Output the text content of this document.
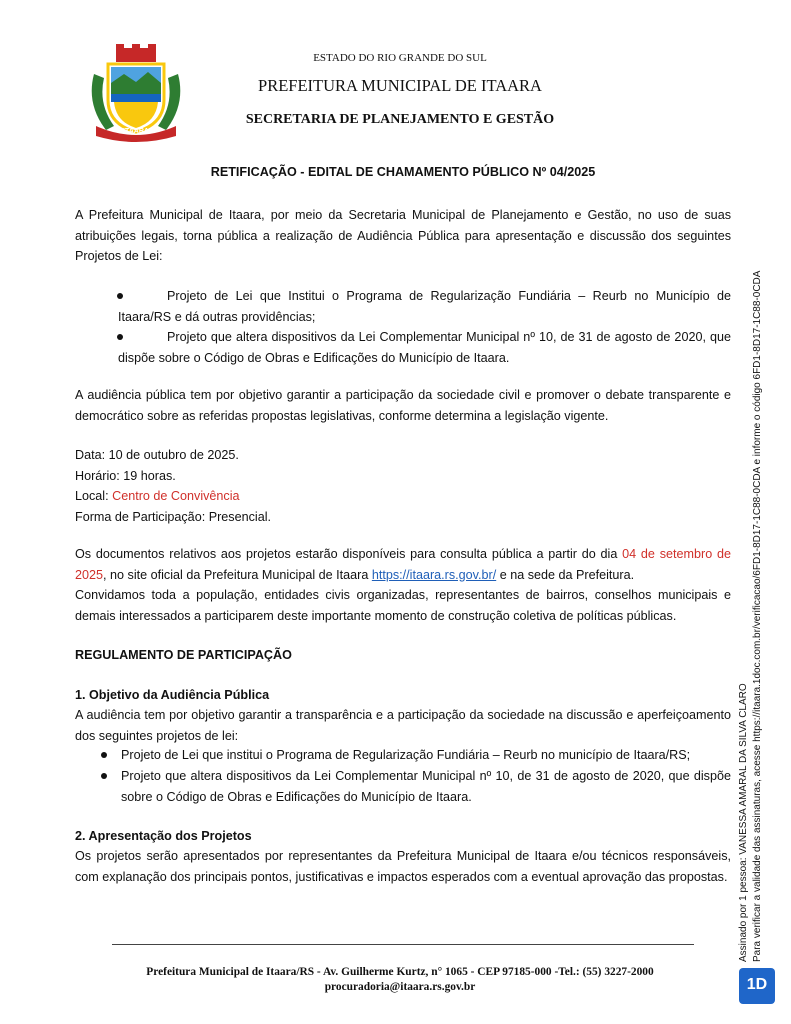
ITAARA
ESTADO DO RIO GRANDE DO SUL
PREFEITURA MUNICIPAL DE ITAARA
SECRETARIA DE PLANEJAMENTO E GESTÃO
RETIFICAÇÃO - EDITAL DE CHAMAMENTO PÚBLICO Nº 04/2025

A Prefeitura Municipal de Itaara, por meio da Secretaria Municipal de Planejamento e Gestão, no uso de suas atribuições legais, torna pública a realização de Audiência Pública para apresentação e discussão dos seguintes Projetos de Lei:

Projeto de Lei que Institui o Programa de Regularização Fundiária – Reurb no Município de Itaara/RS e dá outras providências;
Projeto que altera dispositivos da Lei Complementar Municipal nº 10, de 31 de agosto de 2020, que dispõe sobre o Código de Obras e Edificações do Município de Itaara.

A audiência pública tem por objetivo garantir a participação da sociedade civil e promover o debate transparente e democrático sobre as referidas propostas legislativas, conforme determina a legislação vigente.

Data: 10 de outubro de 2025.

Horário: 19 horas.

Local: Centro de Convivência

Forma de Participação: Presencial.

Os documentos relativos aos projetos estarão disponíveis para consulta pública a partir do dia 04 de setembro de 2025, no site oficial da Prefeitura Municipal de Itaara https://itaara.rs.gov.br/ e na sede da Prefeitura.

Convidamos toda a população, entidades civis organizadas, representantes de bairros, conselhos municipais e demais interessados a participarem deste importante momento de construção coletiva de políticas públicas.

REGULAMENTO DE PARTICIPAÇÃO
1. Objetivo da Audiência Pública
A audiência tem por objetivo garantir a transparência e a participação da sociedade na discussão e aperfeiçoamento dos seguintes projetos de lei:
Projeto de Lei que institui o Programa de Regularização Fundiária – Reurb no município de Itaara/RS;
Projeto que altera dispositivos da Lei Complementar Municipal nº 10, de 31 de agosto de 2020, que dispõe sobre o Código de Obras e Edificações do Município de Itaara.
2. Apresentação dos Projetos
Os projetos serão apresentados por representantes da Prefeitura Municipal de Itaara e/ou técnicos responsáveis, com explanação dos principais pontos, justificativas e impactos esperados com a eventual aprovação das propostas.
Prefeitura Municipal de Itaara/RS - Av. Guilherme Kurtz, n° 1065 - CEP 97185-000 -Tel.: (55) 3227-2000
procuradoria@itaara.rs.gov.br
Assinado por 1 pessoa: VANESSA AMARAL DA SILVA CLARO Para verificar a validade das assinaturas, acesse https://itaara.1doc.com.br/verificacao/6FD1-8D17-1C88-0CDA e informe o código 6FD1-8D17-1C88-0CDA
1D
